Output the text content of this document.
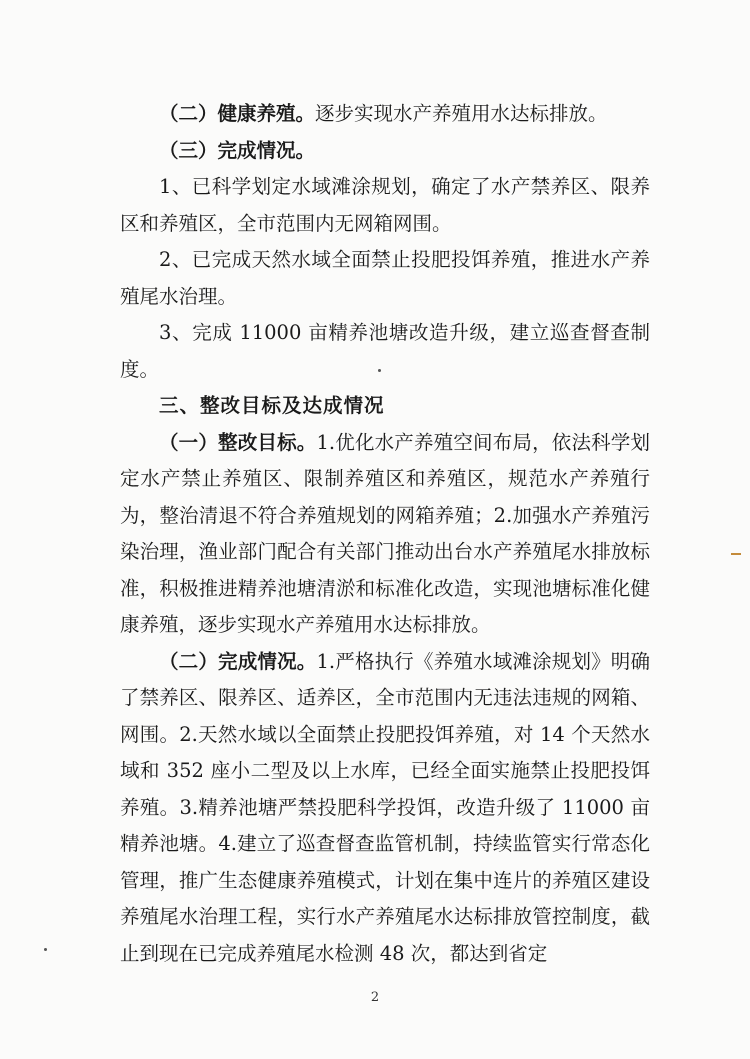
（二）健康养殖。逐步实现水产养殖用水达标排放。

（三）完成情况。

1、已科学划定水域滩涂规划，确定了水产禁养区、限养区和养殖区，全市范围内无网箱网围。

2、已完成天然水域全面禁止投肥投饵养殖，推进水产养殖尾水治理。

3、完成 11000 亩精养池塘改造升级，建立巡查督查制度。

三、整改目标及达成情况

（一）整改目标。1.优化水产养殖空间布局，依法科学划定水产禁止养殖区、限制养殖区和养殖区，规范水产养殖行为，整治清退不符合养殖规划的网箱养殖；2.加强水产养殖污染治理，渔业部门配合有关部门推动出台水产养殖尾水排放标准，积极推进精养池塘清淤和标准化改造，实现池塘标准化健康养殖，逐步实现水产养殖用水达标排放。

（二）完成情况。1.严格执行《养殖水域滩涂规划》明确了禁养区、限养区、适养区，全市范围内无违法违规的网箱、网围。2.天然水域以全面禁止投肥投饵养殖，对 14 个天然水域和 352 座小二型及以上水库，已经全面实施禁止投肥投饵养殖。3.精养池塘严禁投肥科学投饵，改造升级了 11000 亩精养池塘。4.建立了巡查督查监管机制，持续监管实行常态化管理，推广生态健康养殖模式，计划在集中连片的养殖区建设养殖尾水治理工程，实行水产养殖尾水达标排放管控制度，截止到现在已完成养殖尾水检测 48 次，都达到省定

2
